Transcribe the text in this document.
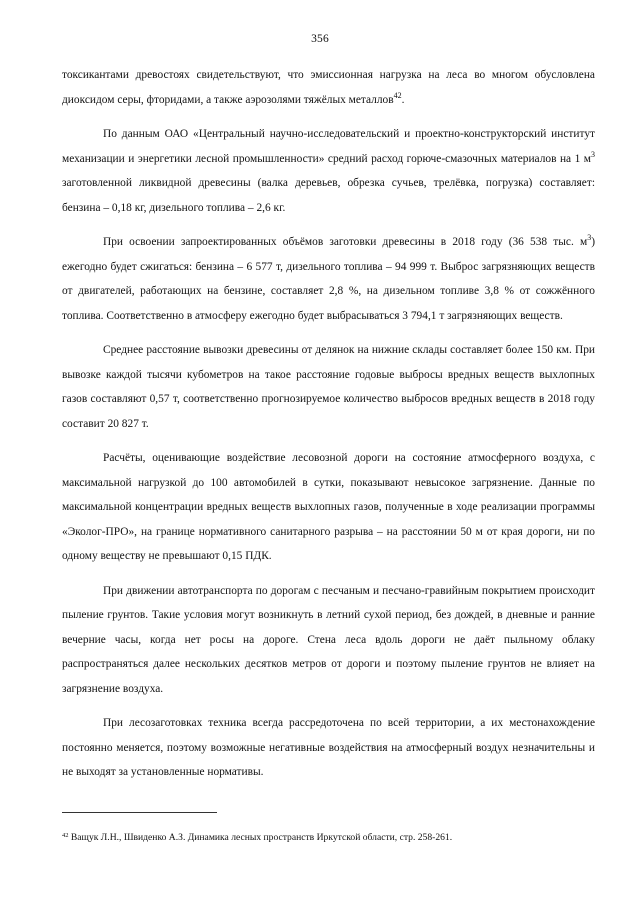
356

токсикантами древостоях свидетельствуют, что эмиссионная нагрузка на леса во многом обусловлена диоксидом серы, фторидами, а также аэрозолями тяжёлых металлов$^{42}$.

По данным ОАО «Центральный научно-исследовательский и проектно-конструкторский институт механизации и энергетики лесной промышленности» средний расход горюче-смазочных материалов на 1 $м^3$ заготовленной ликвидной древесины (валка деревьев, обрезка сучьев, трелёвка, погрузка) составляет: бензина – 0,18 кг, дизельного топлива – 2,6 кг.

При освоении запроектированных объёмов заготовки древесины в 2018 году (36 538 тыс. $м^3$) ежегодно будет сжигаться: бензина – 6 577 т, дизельного топлива – 94 999 т. Выброс загрязняющих веществ от двигателей, работающих на бензине, составляет 2,8 %, на дизельном топливе 3,8 % от сожжённого топлива. Соответственно в атмосферу ежегодно будет выбрасываться 3 794,1 т загрязняющих веществ.

Среднее расстояние вывозки древесины от делянок на нижние склады составляет более 150 км. При вывозке каждой тысячи кубометров на такое расстояние годовые выбросы вредных веществ выхлопных газов составляют 0,57 т, соответственно прогнозируемое количество выбросов вредных веществ в 2018 году составит 20 827 т.

Расчёты, оценивающие воздействие лесовозной дороги на состояние атмосферного воздуха, с максимальной нагрузкой до 100 автомобилей в сутки, показывают невысокое загрязнение. Данные по максимальной концентрации вредных веществ выхлопных газов, полученные в ходе реализации программы «Эколог-ПРО», на границе нормативного санитарного разрыва – на расстоянии 50 м от края дороги, ни по одному веществу не превышают 0,15 ПДК.

При движении автотранспорта по дорогам с песчаным и песчано-гравийным покрытием происходит пыление грунтов. Такие условия могут возникнуть в летний сухой период, без дождей, в дневные и ранние вечерние часы, когда нет росы на дороге. Стена леса вдоль дороги не даёт пыльному облаку распространяться далее нескольких десятков метров от дороги и поэтому пыление грунтов не влияет на загрязнение воздуха.

При лесозаготовках техника всегда рассредоточена по всей территории, а их местонахождение постоянно меняется, поэтому возможные негативные воздействия на атмосферный воздух незначительны и не выходят за установленные нормативы.

$^{42}$ Ващук Л.Н., Швиденко А.З. Динамика лесных пространств Иркутской области, стр. 258-261.
